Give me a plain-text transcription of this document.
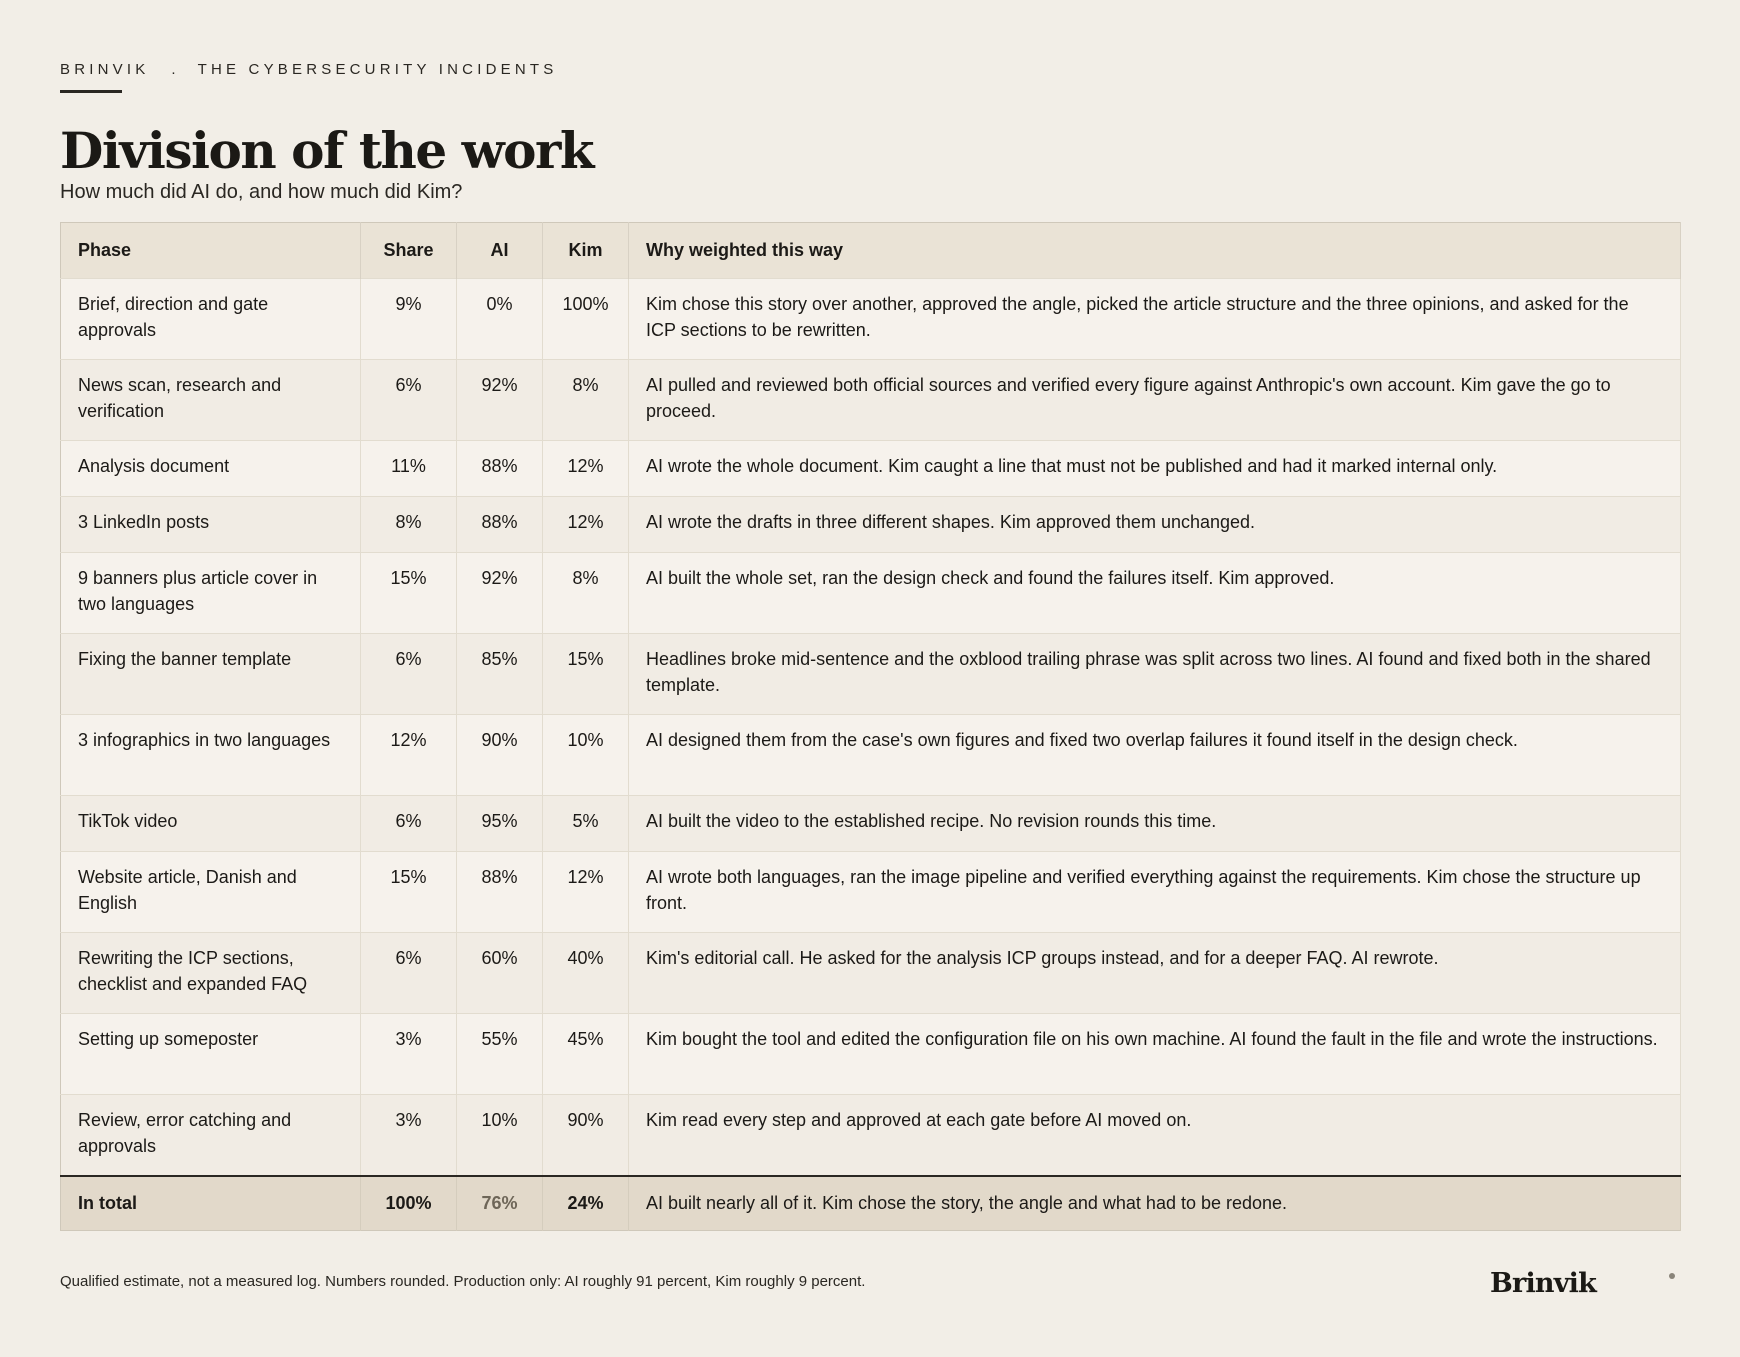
BRINVIK . THE CYBERSECURITY INCIDENTS
Division of the work
How much did AI do, and how much did Kim?
Phase	Share	AI	Kim	Why weighted this way
Brief, direction and gate approvals	9%	0%	100%	Kim chose this story over another, approved the angle, picked the article structure and the three opinions, and asked for the ICP sections to be rewritten.
News scan, research and verification	6%	92%	8%	AI pulled and reviewed both official sources and verified every figure against Anthropic's own account. Kim gave the go to proceed.
Analysis document	11%	88%	12%	AI wrote the whole document. Kim caught a line that must not be published and had it marked internal only.
3 LinkedIn posts	8%	88%	12%	AI wrote the drafts in three different shapes. Kim approved them unchanged.
9 banners plus article cover in two languages	15%	92%	8%	AI built the whole set, ran the design check and found the failures itself. Kim approved.
Fixing the banner template	6%	85%	15%	Headlines broke mid-sentence and the oxblood trailing phrase was split across two lines. AI found and fixed both in the shared template.
3 infographics in two languages	12%	90%	10%	AI designed them from the case's own figures and fixed two overlap failures it found itself in the design check.
TikTok video	6%	95%	5%	AI built the video to the established recipe. No revision rounds this time.
Website article, Danish and English	15%	88%	12%	AI wrote both languages, ran the image pipeline and verified everything against the requirements. Kim chose the structure up front.
Rewriting the ICP sections, checklist and expanded FAQ	6%	60%	40%	Kim's editorial call. He asked for the analysis ICP groups instead, and for a deeper FAQ. AI rewrote.
Setting up someposter	3%	55%	45%	Kim bought the tool and edited the configuration file on his own machine. AI found the fault in the file and wrote the instructions.
Review, error catching and approvals	3%	10%	90%	Kim read every step and approved at each gate before AI moved on.
In total	100%	76%	24%	AI built nearly all of it. Kim chose the story, the angle and what had to be redone.
Qualified estimate, not a measured log. Numbers rounded. Production only: AI roughly 91 percent, Kim roughly 9 percent.	Brinvik
